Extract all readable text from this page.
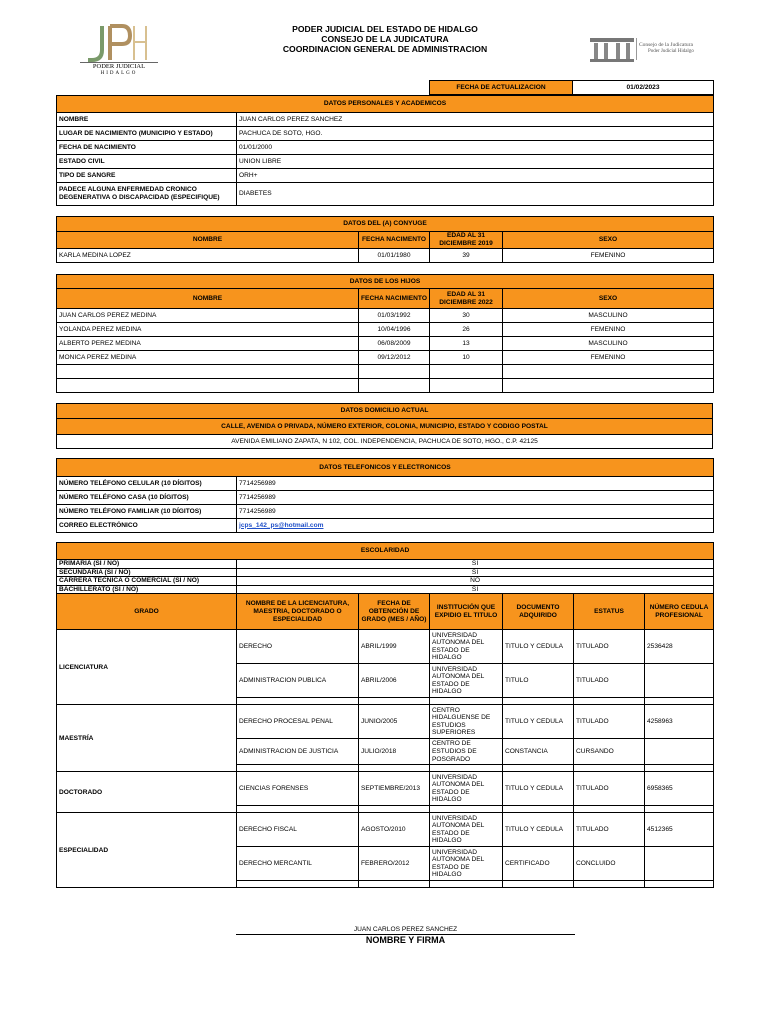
PODER JUDICIAL
HIDALGO
PODER JUDICIAL DEL ESTADO DE HIDALGO
CONSEJO DE LA JUDICATURA
COORDINACION GENERAL DE ADMINISTRACION	Consejo de la Judicatura
Poder Judicial Hidalgo
FECHA DE ACTUALIZACION	01/02/2023
DATOS PERSONALES Y ACADEMICOS	
NOMBRE	JUAN CARLOS PEREZ SANCHEZ
LUGAR DE NACIMIENTO (MUNICIPIO Y ESTADO)	PACHUCA DE SOTO, HGO.
FECHA DE NACIMIENTO	01/01/2000
ESTADO CIVIL	UNION LIBRE
TIPO DE SANGRE	ORH+
PADECE ALGUNA ENFERMEDAD CRONICO DEGENERATIVA O DISCAPACIDAD (ESPECIFIQUE)	DIABETES
DATOS DEL (A) CONYUGE			
NOMBRE	FECHA NACIMENTO	EDAD AL 31 DICIEMBRE 2019	SEXO
KARLA MEDINA LOPEZ	01/01/1980	39	FEMENINO
DATOS DE LOS HIJOS			
NOMBRE	FECHA NACIMIENTO	EDAD AL 31 DICIEMBRE 2022	SEXO
JUAN CARLOS PEREZ MEDINA	01/03/1992	30	MASCULINO
YOLANDA PEREZ MEDINA	10/04/1996	26	FEMENINO
ALBERTO PEREZ MEDINA	06/08/2009	13	MASCULINO
MONICA PEREZ MEDINA	09/12/2012	10	FEMENINO

DATOS DOMICILIO ACTUAL
CALLE, AVENIDA O PRIVADA, NÚMERO EXTERIOR, COLONIA, MUNICIPIO, ESTADO Y CODIGO POSTAL
AVENIDA EMILIANO ZAPATA, N 102, COL. INDEPENDENCIA, PACHUCA DE SOTO, HGO., C.P. 42125
DATOS TELEFONICOS Y ELECTRONICOS	
NÚMERO TELÉFONO CELULAR (10 DÍGITOS)	7714256989
NÚMERO TELÉFONO CASA (10 DÍGITOS)	7714256989
NÚMERO TELÉFONO FAMILIAR (10 DÍGITOS)	7714256989
CORREO ELECTRÓNICO	jcps_142_ps@hotmail.com
ESCOLARIDAD						
PRIMARIA (SI / NO)	SI					
SECUNDARIA (SI / NO)	SI					
CARRERA TECNICA O COMERCIAL (SI / NO)	NO					
BACHILLERATO (SI / NO)	SI					
GRADO	NOMBRE DE LA LICENCIATURA, MAESTRIA, DOCTORADO O ESPECIALIDAD	FECHA DE OBTENCIÓN DE GRADO (MES / AÑO)	INSTITUCIÓN QUE EXPIDIO EL TITULO	DOCUMENTO ADQUIRIDO	ESTATUS	NÚMERO CEDULA PROFESIONAL
LICENCIATURA	DERECHO	ABRIL/1999	UNIVERSIDAD AUTONOMA DEL ESTADO DE HIDALGO	TITULO Y CEDULA	TITULADO	2536428
	ADMINISTRACION PUBLICA	ABRIL/2006	UNIVERSIDAD AUTONOMA DEL ESTADO DE HIDALGO	TITULO	TITULADO	

MAESTRÍA	DERECHO PROCESAL PENAL	JUNIO/2005	CENTRO HIDALGUENSE DE ESTUDIOS SUPERIORES	TITULO Y CEDULA	TITULADO	4258963
	ADMINISTRACION DE JUSTICIA	JULIO/2018	CENTRO DE ESTUDIOS DE POSGRADO	CONSTANCIA	CURSANDO	

DOCTORADO	CIENCIAS FORENSES	SEPTIEMBRE/2013	UNIVERSIDAD AUTONOMA DEL ESTADO DE HIDALGO	TITULO Y CEDULA	TITULADO	6958365

ESPECIALIDAD	DERECHO FISCAL	AGOSTO/2010	UNIVERSIDAD AUTONOMA DEL ESTADO DE HIDALGO	TITULO Y CEDULA	TITULADO	4512365
	DERECHO MERCANTIL	FEBRERO/2012	UNIVERSIDAD AUTONOMA DEL ESTADO DE HIDALGO	CERTIFICADO	CONCLUIDO	

JUAN CARLOS PEREZ SANCHEZ
NOMBRE Y FIRMA
